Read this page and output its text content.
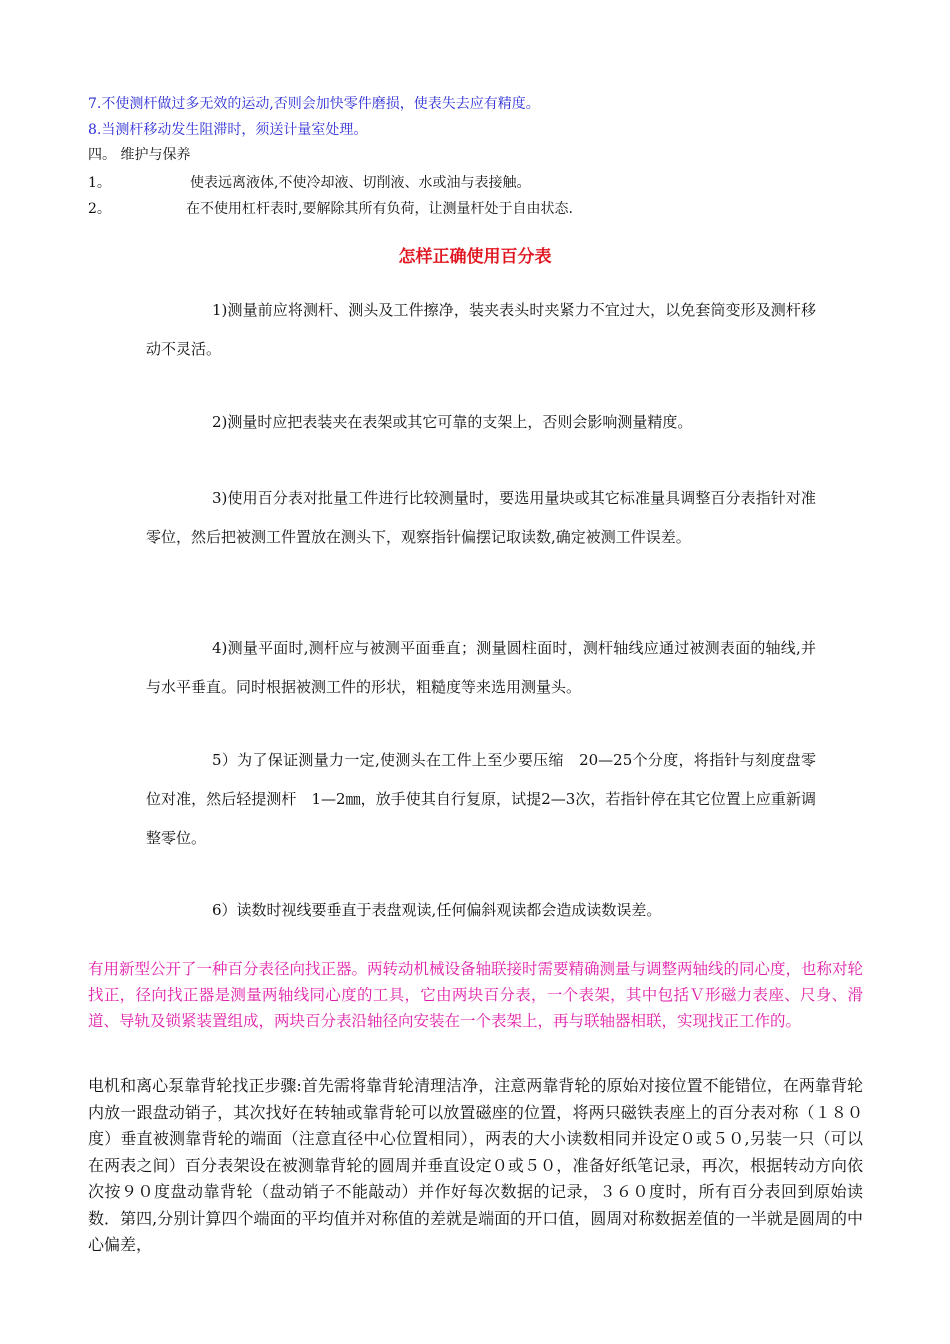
7.不使测杆做过多无效的运动,否则会加快零件磨损，使表失去应有精度。
8.当测杆移动发生阻滞时，须送计量室处理。
四。 维护与保养
1。	使表远离液体,不使冷却液、切削液、水或油与表接触。
2。	在不使用杠杆表时,要解除其所有负荷，让测量杆处于自由状态.
怎样正确使用百分表
1)测量前应将测杆、测头及工件擦净，装夹表头时夹紧力不宜过大，以免套筒变形及测杆移动不灵活。
2)测量时应把表装夹在表架或其它可靠的支架上，否则会影响测量精度。
3)使用百分表对批量工件进行比较测量时，要选用量块或其它标准量具调整百分表指针对准零位，然后把被测工件置放在测头下，观察指针偏摆记取读数,确定被测工件误差。
4)测量平面时,测杆应与被测平面垂直；测量圆柱面时，测杆轴线应通过被测表面的轴线,并与水平垂直。同时根据被测工件的形状，粗糙度等来选用测量头。
5）为了保证测量力一定,使测头在工件上至少要压缩　20—25个分度，将指针与刻度盘零位对准，然后轻提测杆　1—2㎜，放手使其自行复原，试提2—3次，若指针停在其它位置上应重新调整零位。
6）读数时视线要垂直于表盘观读,任何偏斜观读都会造成读数误差。
有用新型公开了一种百分表径向找正器。两转动机械设备轴联接时需要精确测量与调整两轴线的同心度，也称对轮找正，径向找正器是测量两轴线同心度的工具，它由两块百分表，一个表架，其中包括Ｖ形磁力表座、尺身、滑道、导轨及锁紧装置组成，两块百分表沿轴径向安装在一个表架上，再与联轴器相联，实现找正工作的。
电机和离心泵靠背轮找正步骤:首先需将靠背轮清理洁净，注意两靠背轮的原始对接位置不能错位，在两靠背轮内放一跟盘动销子，其次找好在转轴或靠背轮可以放置磁座的位置，将两只磁铁表座上的百分表对称（１８０度）垂直被测靠背轮的端面（注意直径中心位置相同），两表的大小读数相同并设定０或５０,另装一只（可以在两表之间）百分表架设在被测靠背轮的圆周并垂直设定０或５０，准备好纸笔记录，再次，根据转动方向依次按９０度盘动靠背轮（盘动销子不能敲动）并作好每次数据的记录，３６０度时，所有百分表回到原始读数．第四,分别计算四个端面的平均值并对称值的差就是端面的开口值，圆周对称数据差值的一半就是圆周的中心偏差，
